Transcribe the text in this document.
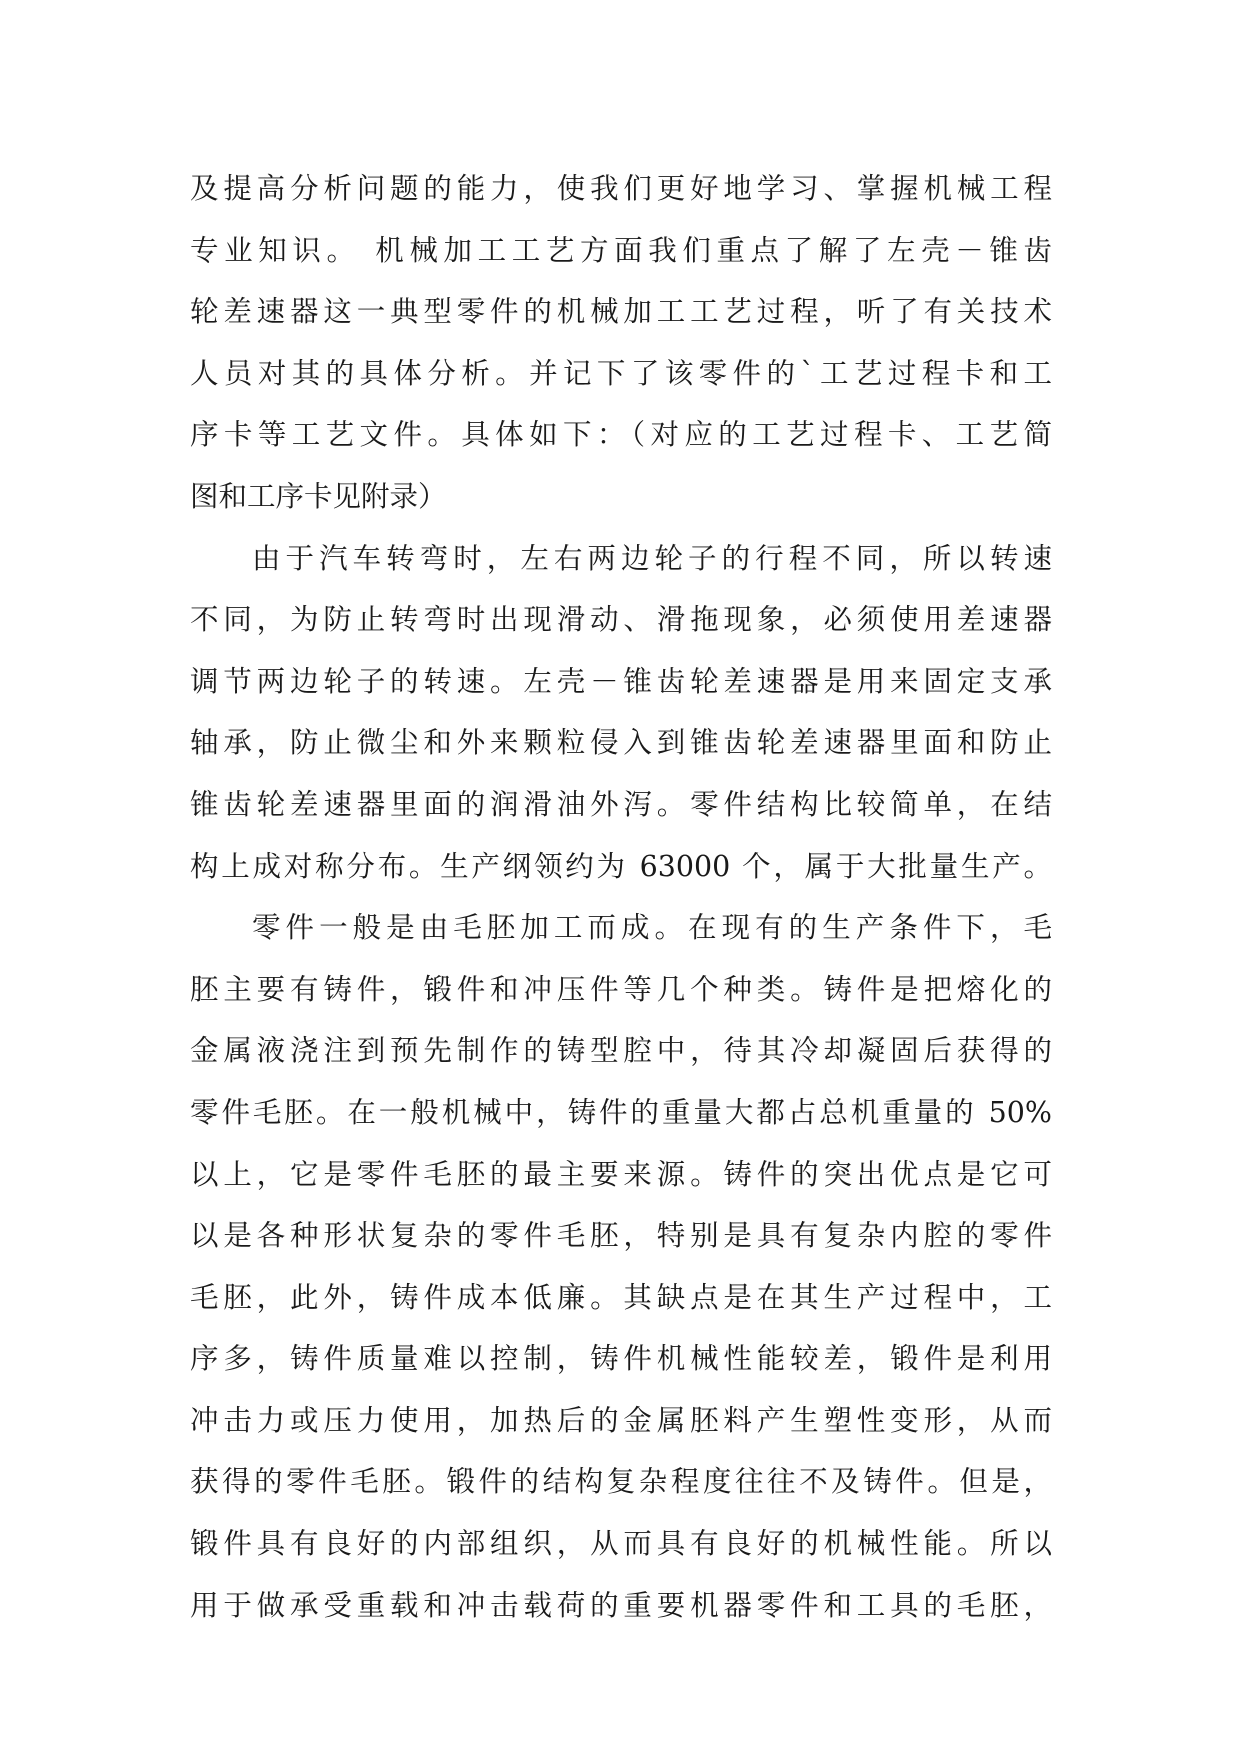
及提高分析问题的能力，使我们更好地学习、掌握机械工程
专业知识。 机械加工工艺方面我们重点了解了左壳－锥齿
轮差速器这一典型零件的机械加工工艺过程，听了有关技术
人员对其的具体分析。并记下了该零件的`工艺过程卡和工
序卡等工艺文件。具体如下：（对应的工艺过程卡、工艺简
图和工序卡见附录）
由于汽车转弯时，左右两边轮子的行程不同，所以转速
不同，为防止转弯时出现滑动、滑拖现象，必须使用差速器
调节两边轮子的转速。左壳－锥齿轮差速器是用来固定支承
轴承，防止微尘和外来颗粒侵入到锥齿轮差速器里面和防止
锥齿轮差速器里面的润滑油外泻。零件结构比较简单，在结
构上成对称分布。生产纲领约为 63000 个，属于大批量生产。
零件一般是由毛胚加工而成。在现有的生产条件下，毛
胚主要有铸件，锻件和冲压件等几个种类。铸件是把熔化的
金属液浇注到预先制作的铸型腔中，待其冷却凝固后获得的
零件毛胚。在一般机械中，铸件的重量大都占总机重量的 50%
以上，它是零件毛胚的最主要来源。铸件的突出优点是它可
以是各种形状复杂的零件毛胚，特别是具有复杂内腔的零件
毛胚，此外，铸件成本低廉。其缺点是在其生产过程中，工
序多，铸件质量难以控制，铸件机械性能较差，锻件是利用
冲击力或压力使用，加热后的金属胚料产生塑性变形，从而
获得的零件毛胚。锻件的结构复杂程度往往不及铸件。但是，
锻件具有良好的内部组织，从而具有良好的机械性能。所以
用于做承受重载和冲击载荷的重要机器零件和工具的毛胚，
